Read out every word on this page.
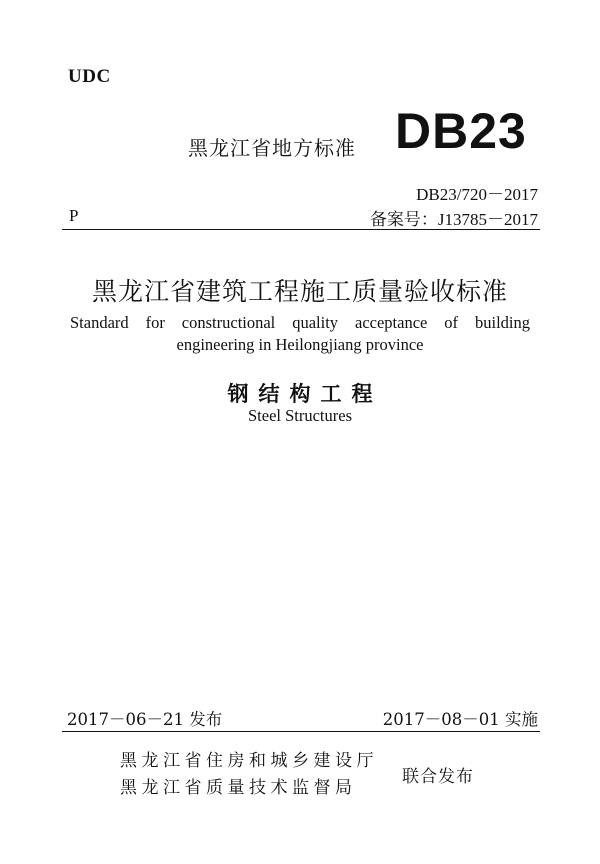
UDC
黑龙江省地方标准 DB23
DB23/720－2017
P	备案号：J13785－2017
黑龙江省建筑工程施工质量验收标准
Standard for constructional quality acceptance of building
engineering in Heilongjiang province
钢结构工程
Steel Structures
2017－06－21 发布	2017－08－01 实施
黑龙江省住房和城乡建设厅
黑龙江省质量技术监督局
联合发布
